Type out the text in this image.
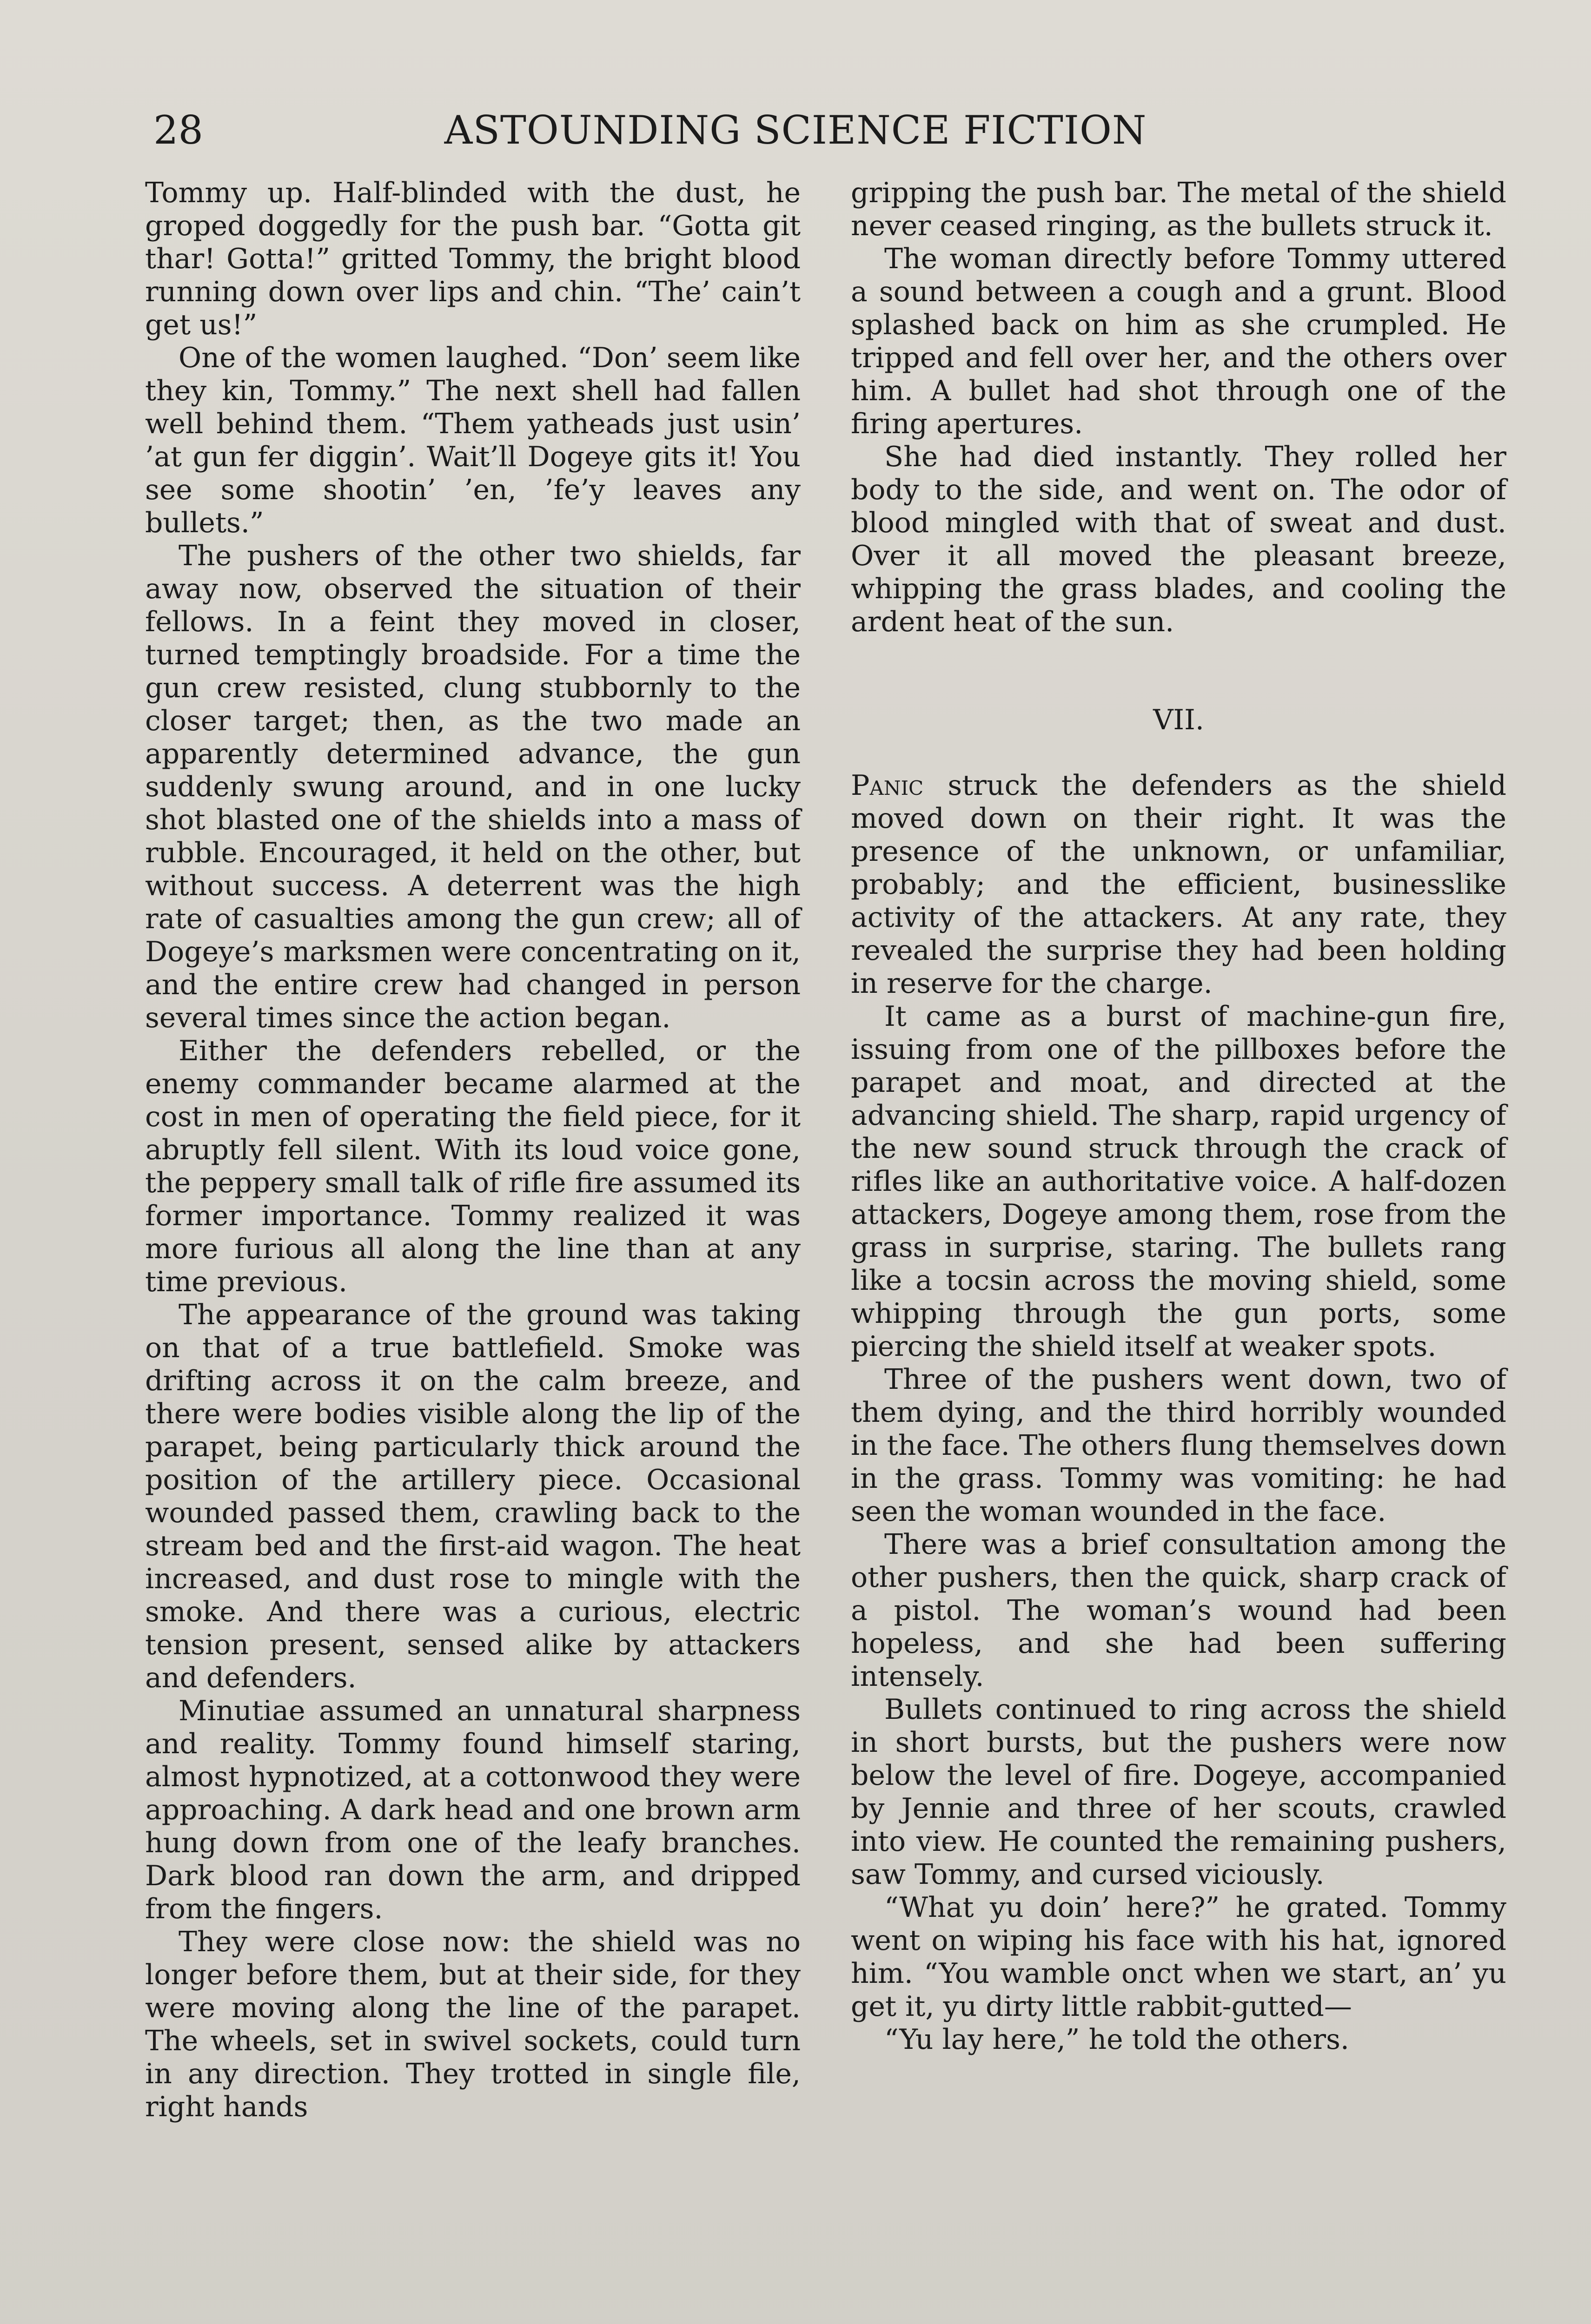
28	ASTOUNDING SCIENCE FICTION

Tommy up. Half-blinded with the dust, he groped doggedly for the push bar. “Gotta git thar! Gotta!” gritted Tommy, the bright blood running down over lips and chin. “The’ cain’t get us!”

One of the women laughed. “Don’ seem like they kin, Tommy.” The next shell had fallen well behind them. “Them yatheads just usin’ ’at gun fer diggin’. Wait’ll Dogeye gits it! You see some shootin’ ’en, ’fe’y leaves any bullets.”

The pushers of the other two shields, far away now, observed the situation of their fellows. In a feint they moved in closer, turned temptingly broadside. For a time the gun crew resisted, clung stubbornly to the closer target; then, as the two made an apparently determined advance, the gun suddenly swung around, and in one lucky shot blasted one of the shields into a mass of rubble. Encouraged, it held on the other, but without success. A deterrent was the high rate of casualties among the gun crew; all of Dogeye’s marksmen were concentrating on it, and the entire crew had changed in person several times since the action began.

Either the defenders rebelled, or the enemy commander became alarmed at the cost in men of operating the field piece, for it abruptly fell silent. With its loud voice gone, the peppery small talk of rifle fire assumed its former importance. Tommy realized it was more furious all along the line than at any time previous.

The appearance of the ground was taking on that of a true battlefield. Smoke was drifting across it on the calm breeze, and there were bodies visible along the lip of the parapet, being particularly thick around the position of the artillery piece. Occasional wounded passed them, crawling back to the stream bed and the first-aid wagon. The heat increased, and dust rose to mingle with the smoke. And there was a curious, electric tension present, sensed alike by attackers and defenders.

Minutiae assumed an unnatural sharpness and reality. Tommy found himself staring, almost hypnotized, at a cottonwood they were approaching. A dark head and one brown arm hung down from one of the leafy branches. Dark blood ran down the arm, and dripped from the fingers.

They were close now: the shield was no longer before them, but at their side, for they were moving along the line of the parapet. The wheels, set in swivel sockets, could turn in any direction. They trotted in single file, right hands

gripping the push bar. The metal of the shield never ceased ringing, as the bullets struck it.

The woman directly before Tommy uttered a sound between a cough and a grunt. Blood splashed back on him as she crumpled. He tripped and fell over her, and the others over him. A bullet had shot through one of the firing apertures.

She had died instantly. They rolled her body to the side, and went on. The odor of blood mingled with that of sweat and dust. Over it all moved the pleasant breeze, whipping the grass blades, and cooling the ardent heat of the sun.

VII.

Panic struck the defenders as the shield moved down on their right. It was the presence of the unknown, or unfamiliar, probably; and the efficient, businesslike activity of the attackers. At any rate, they revealed the surprise they had been holding in reserve for the charge.

It came as a burst of machine-gun fire, issuing from one of the pillboxes before the parapet and moat, and directed at the advancing shield. The sharp, rapid urgency of the new sound struck through the crack of rifles like an authoritative voice. A half-dozen attackers, Dogeye among them, rose from the grass in surprise, staring. The bullets rang like a tocsin across the moving shield, some whipping through the gun ports, some piercing the shield itself at weaker spots.

Three of the pushers went down, two of them dying, and the third horribly wounded in the face. The others flung themselves down in the grass. Tommy was vomiting: he had seen the woman wounded in the face.

There was a brief consultation among the other pushers, then the quick, sharp crack of a pistol. The woman’s wound had been hopeless, and she had been suffering intensely.

Bullets continued to ring across the shield in short bursts, but the pushers were now below the level of fire. Dogeye, accompanied by Jennie and three of her scouts, crawled into view. He counted the remaining pushers, saw Tommy, and cursed viciously.

“What yu doin’ here?” he grated. Tommy went on wiping his face with his hat, ignored him. “You wamble onct when we start, an’ yu get it, yu dirty little rabbit-gutted—

“Yu lay here,” he told the others.
